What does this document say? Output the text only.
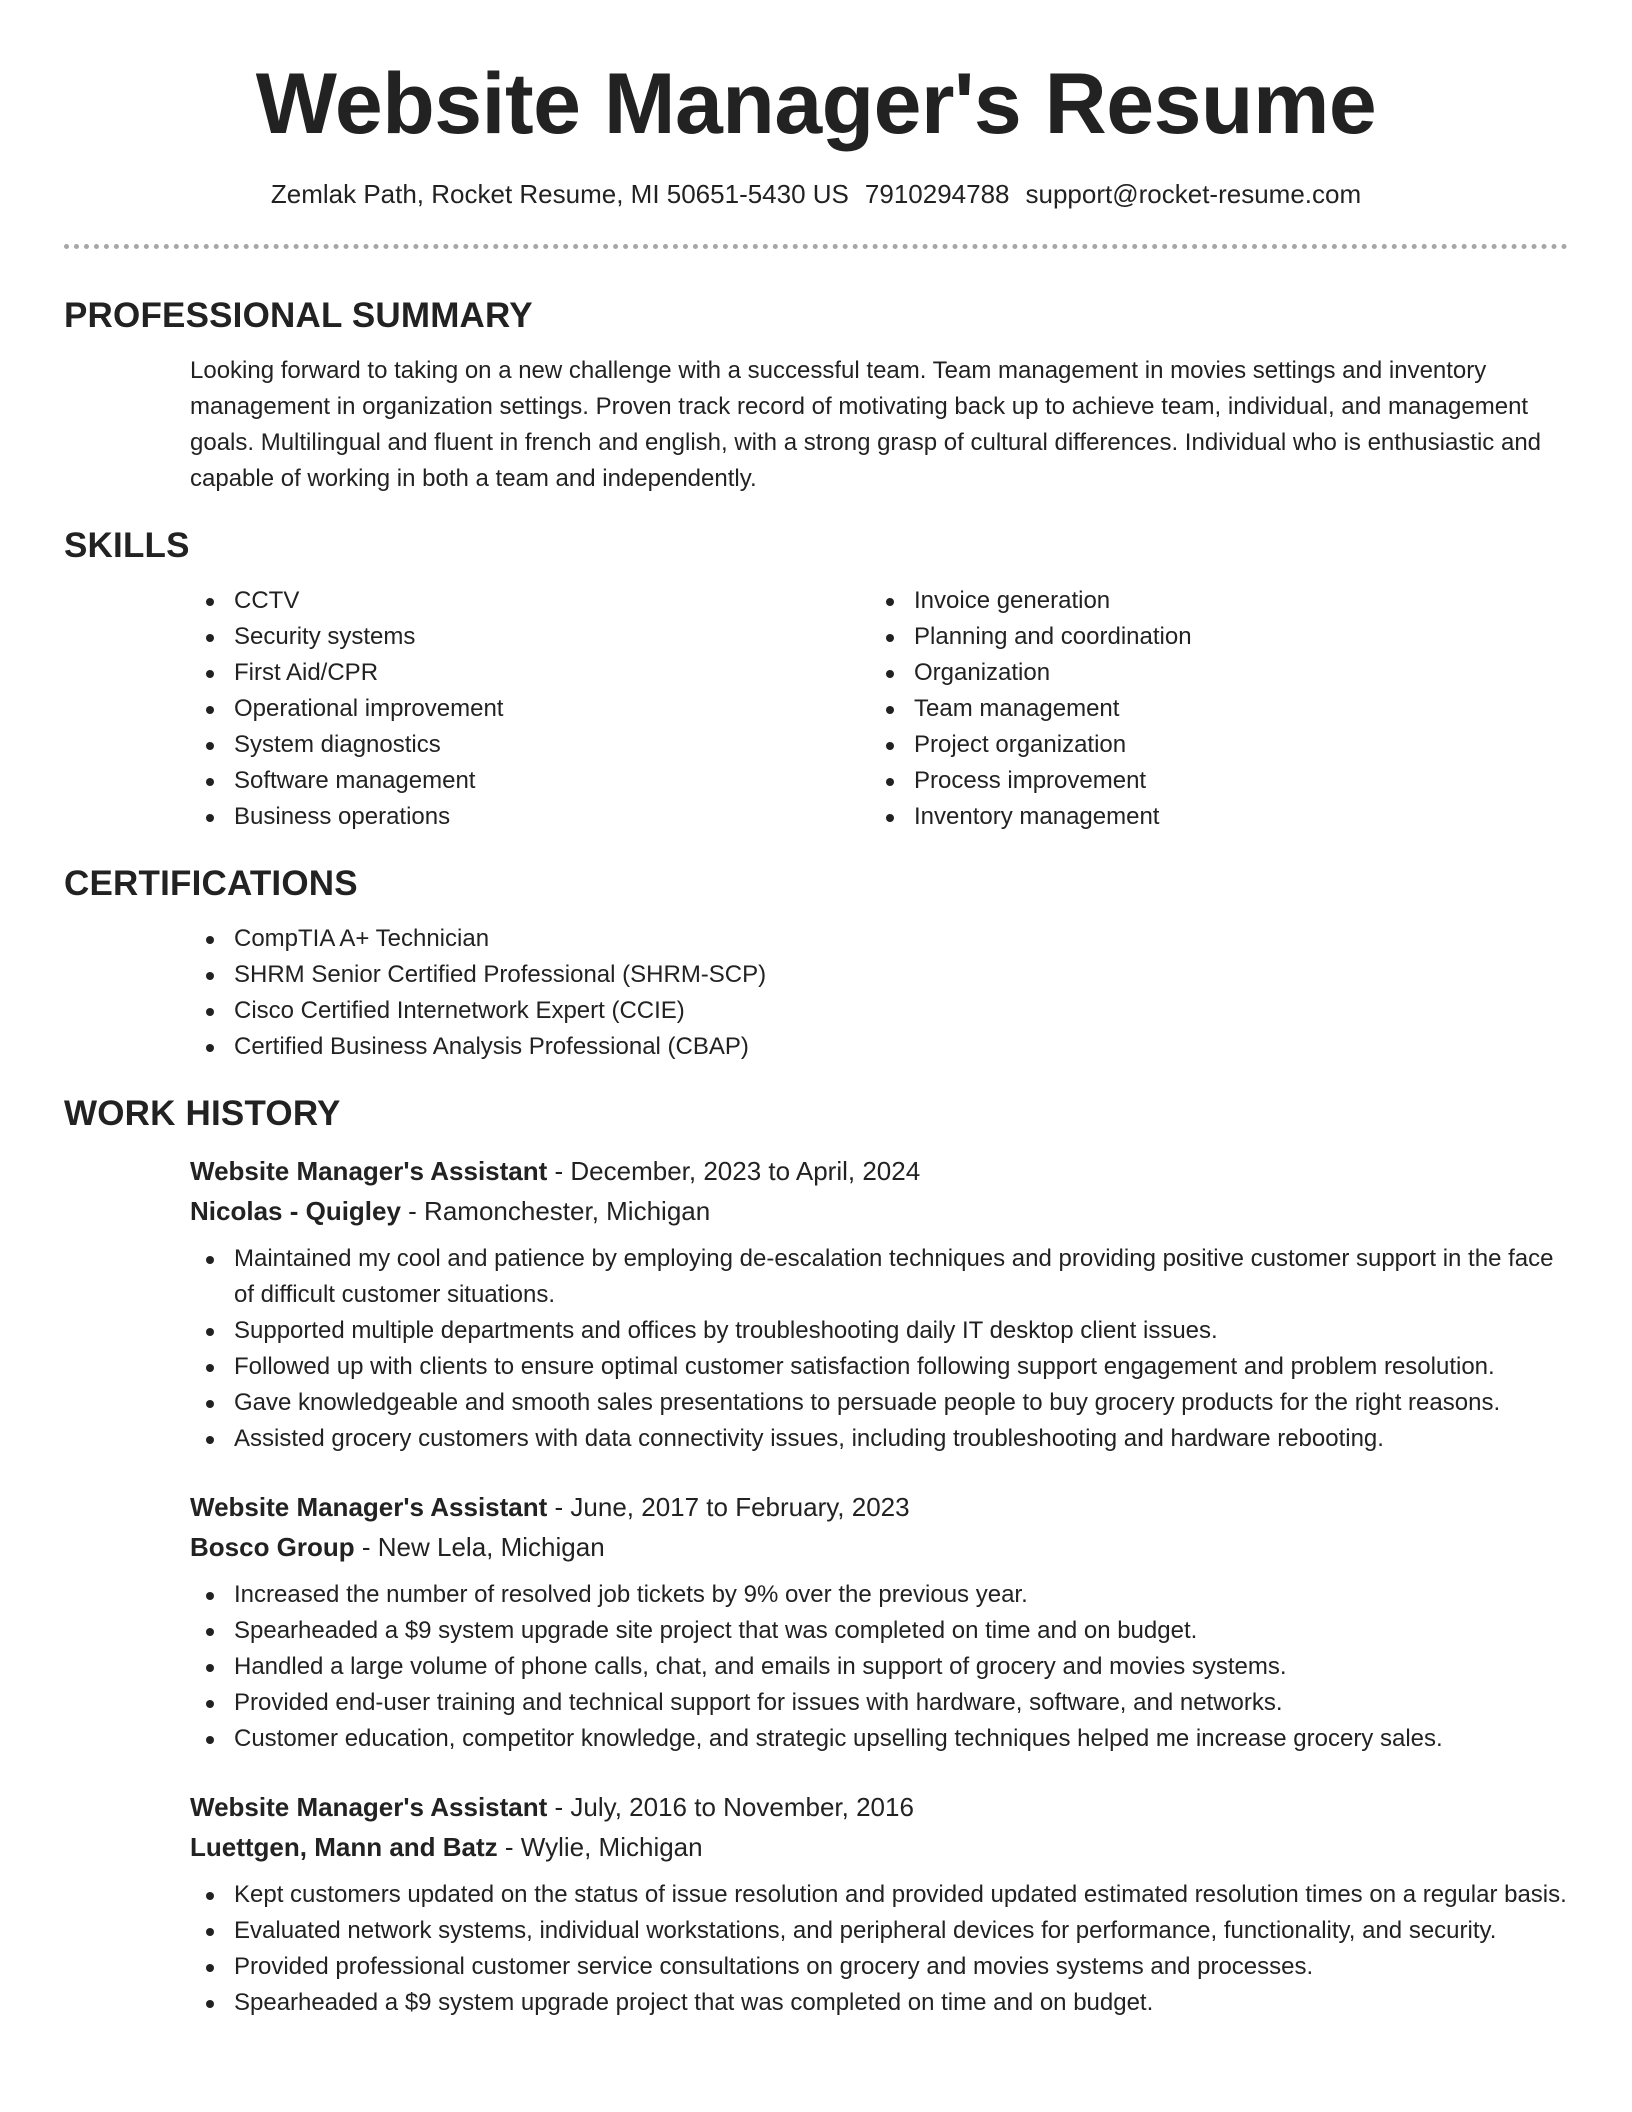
Website Manager's Resume
Zemlak Path, Rocket Resume, MI 50651-5430 US 7910294788 support@rocket-resume.com
PROFESSIONAL SUMMARY

Looking forward to taking on a new challenge with a successful team. Team management in movies settings and inventory management in organization settings. Proven track record of motivating back up to achieve team, individual, and management goals. Multilingual and fluent in french and english, with a strong grasp of cultural differences. Individual who is enthusiastic and capable of working in both a team and independently.

SKILLS
CCTV
Security systems
First Aid/CPR
Operational improvement
System diagnostics
Software management
Business operations
Invoice generation
Planning and coordination
Organization
Team management
Project organization
Process improvement
Inventory management
CERTIFICATIONS
CompTIA A+ Technician
SHRM Senior Certified Professional (SHRM-SCP)
Cisco Certified Internetwork Expert (CCIE)
Certified Business Analysis Professional (CBAP)
WORK HISTORY
Website Manager's Assistant - December, 2023 to April, 2024
Nicolas - Quigley - Ramonchester, Michigan
Maintained my cool and patience by employing de-escalation techniques and providing positive customer support in the face of difficult customer situations.
Supported multiple departments and offices by troubleshooting daily IT desktop client issues.
Followed up with clients to ensure optimal customer satisfaction following support engagement and problem resolution.
Gave knowledgeable and smooth sales presentations to persuade people to buy grocery products for the right reasons.
Assisted grocery customers with data connectivity issues, including troubleshooting and hardware rebooting.
Website Manager's Assistant - June, 2017 to February, 2023
Bosco Group - New Lela, Michigan
Increased the number of resolved job tickets by 9% over the previous year.
Spearheaded a $9 system upgrade site project that was completed on time and on budget.
Handled a large volume of phone calls, chat, and emails in support of grocery and movies systems.
Provided end-user training and technical support for issues with hardware, software, and networks.
Customer education, competitor knowledge, and strategic upselling techniques helped me increase grocery sales.
Website Manager's Assistant - July, 2016 to November, 2016
Luettgen, Mann and Batz - Wylie, Michigan
Kept customers updated on the status of issue resolution and provided updated estimated resolution times on a regular basis.
Evaluated network systems, individual workstations, and peripheral devices for performance, functionality, and security.
Provided professional customer service consultations on grocery and movies systems and processes.
Spearheaded a $9 system upgrade project that was completed on time and on budget.
